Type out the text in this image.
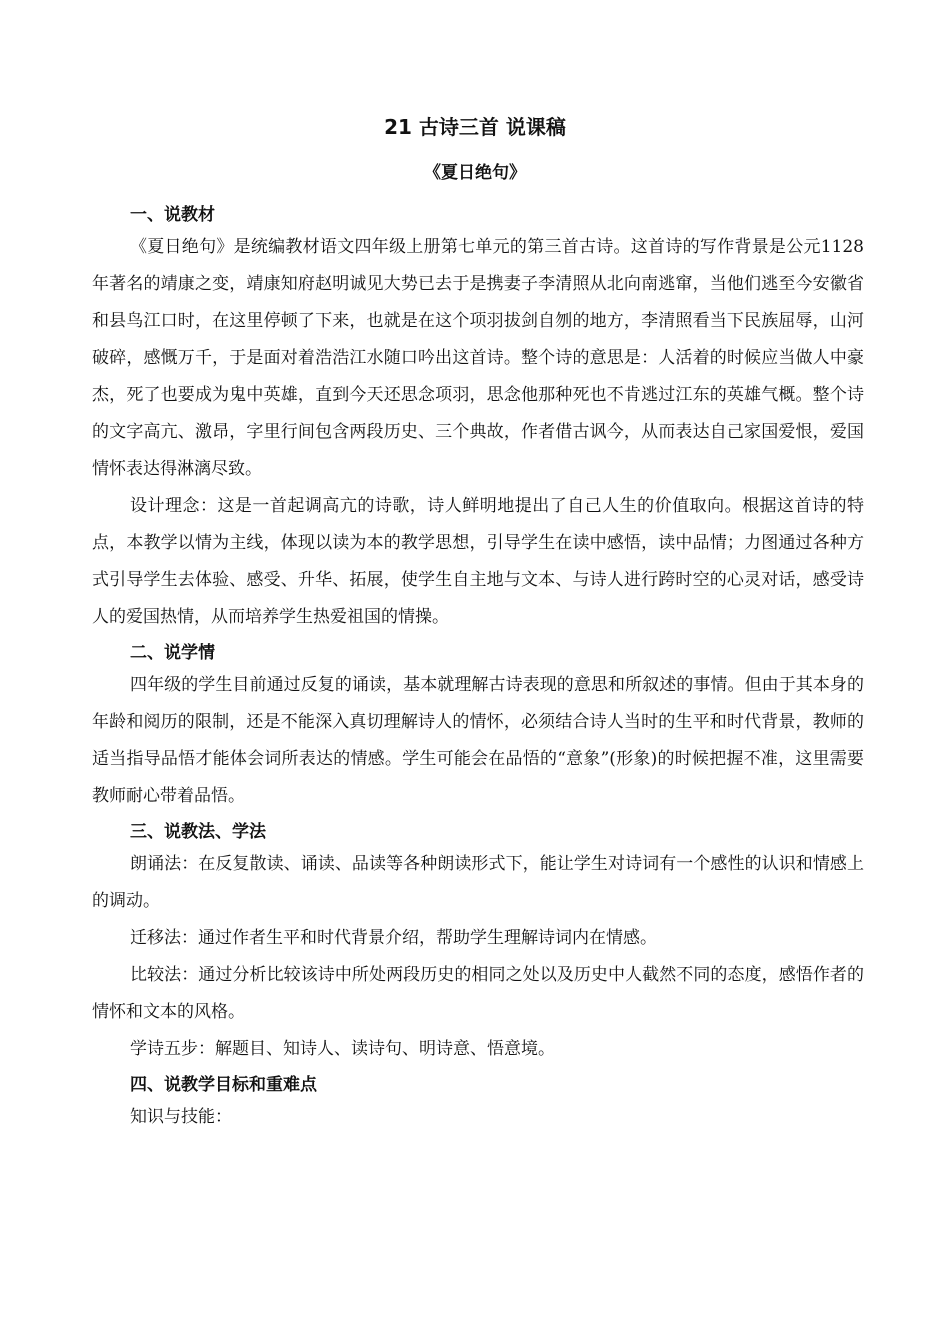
21 古诗三首 说课稿
《夏日绝句》
一、说教材

《夏日绝句》是统编教材语文四年级上册第七单元的第三首古诗。这首诗的写作背景是公元1128年著名的靖康之变，靖康知府赵明诚见大势已去于是携妻子李清照从北向南逃窜，当他们逃至今安徽省和县鸟江口时，在这里停顿了下来，也就是在这个项羽拔剑自刎的地方，李清照看当下民族屈辱，山河破碎，感慨万千，于是面对着浩浩江水随口吟出这首诗。整个诗的意思是：人活着的时候应当做人中豪杰，死了也要成为鬼中英雄，直到今天还思念项羽，思念他那种死也不肯逃过江东的英雄气概。整个诗的文字高亢、激昂，字里行间包含两段历史、三个典故，作者借古讽今，从而表达自己家国爱恨，爱国情怀表达得淋漓尽致。

设计理念：这是一首起调高亢的诗歌，诗人鲜明地提出了自己人生的价值取向。根据这首诗的特点，本教学以情为主线，体现以读为本的教学思想，引导学生在读中感悟，读中品情；力图通过各种方式引导学生去体验、感受、升华、拓展，使学生自主地与文本、与诗人进行跨时空的心灵对话，感受诗人的爱国热情，从而培养学生热爱祖国的情操。

二、说学情

四年级的学生目前通过反复的诵读，基本就理解古诗表现的意思和所叙述的事情。但由于其本身的年龄和阅历的限制，还是不能深入真切理解诗人的情怀，必须结合诗人当时的生平和时代背景，教师的适当指导品悟才能体会词所表达的情感。学生可能会在品悟的“意象”(形象)的时候把握不准，这里需要教师耐心带着品悟。

三、说教法、学法

朗诵法：在反复散读、诵读、品读等各种朗读形式下，能让学生对诗词有一个感性的认识和情感上的调动。

迁移法：通过作者生平和时代背景介绍，帮助学生理解诗词内在情感。

比较法：通过分析比较该诗中所处两段历史的相同之处以及历史中人截然不同的态度，感悟作者的情怀和文本的风格。

学诗五步：解题目、知诗人、读诗句、明诗意、悟意境。

四、说教学目标和重难点

知识与技能：
